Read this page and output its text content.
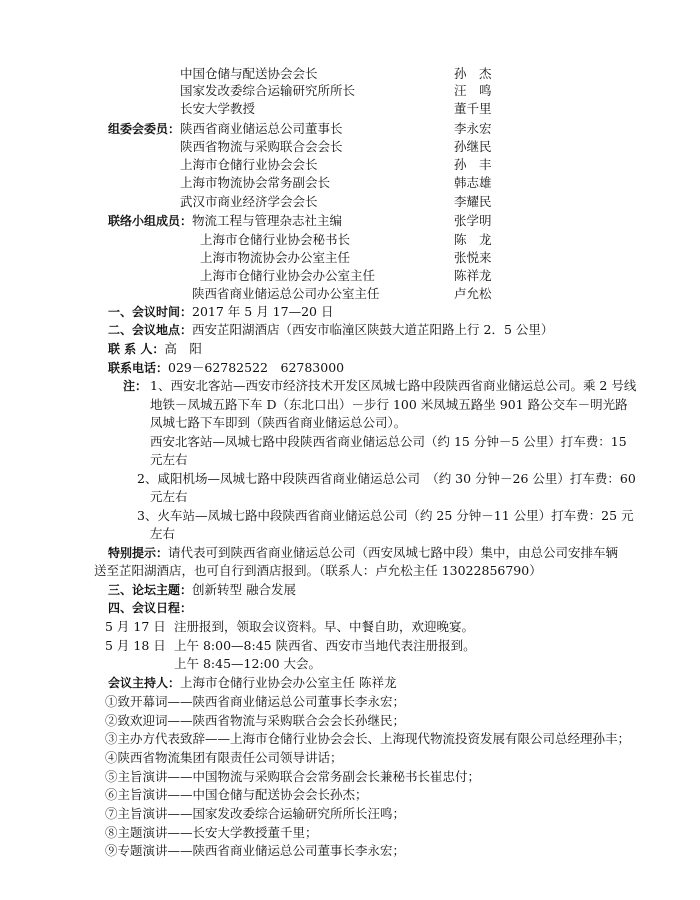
中国仓储与配送协会会长	孙　杰
国家发改委综合运输研究所所长	汪　鸣
长安大学教授	董千里
组委会委员： 陕西省商业储运总公司董事长	李永宏
陕西省物流与采购联合会会长	孙继民
上海市仓储行业协会会长	孙　丰
上海市物流协会常务副会长	韩志雄
武汉市商业经济学会会长	李耀民
联络小组成员： 物流工程与管理杂志社主编	张学明
上海市仓储行业协会秘书长	陈　龙
上海市物流协会办公室主任	张悦来
上海市仓储行业协会办公室主任	陈祥龙
陕西省商业储运总公司办公室主任	卢允松
一、会议时间：2017 年 5 月 17—20 日
二、会议地点：西安芷阳湖酒店（西安市临潼区陕鼓大道芷阳路上行 2．5 公里）
联 系 人：高　阳
联系电话：029－62782522　62783000
注： 1、西安北客站—西安市经济技术开发区凤城七路中段陕西省商业储运总公司。乘 2 号线
地铁－凤城五路下车 D（东北口出）－步行 100 米凤城五路坐 901 路公交车－明光路
凤城七路下车即到（陕西省商业储运总公司）。
西安北客站—凤城七路中段陕西省商业储运总公司（约 15 分钟－5 公里）打车费：15
元左右
2、咸阳机场—凤城七路中段陕西省商业储运总公司　（约 30 分钟－26 公里）打车费：60
元左右
3、火车站—凤城七路中段陕西省商业储运总公司（约 25 分钟－11 公里）打车费：25 元
左右
特别提示：请代表可到陕西省商业储运总公司（西安凤城七路中段）集中，由总公司安排车辆
送至芷阳湖酒店，也可自行到酒店报到。（联系人：卢允松主任 13022856790）
三、论坛主题：创新转型 融合发展
四、会议日程：
5 月 17 日 注册报到，领取会议资料。早、中餐自助，欢迎晚宴。
5 月 18 日 上午 8:00—8:45 陕西省、西安市当地代表注册报到。
上午 8:45—12:00 大会。
会议主持人：上海市仓储行业协会办公室主任 陈祥龙
①致开幕词——陕西省商业储运总公司董事长李永宏；
②致欢迎词——陕西省物流与采购联合会会长孙继民；
③主办方代表致辞——上海市仓储行业协会会长、上海现代物流投资发展有限公司总经理孙丰；
④陕西省物流集团有限责任公司领导讲话；
⑤主旨演讲——中国物流与采购联合会常务副会长兼秘书长崔忠付；
⑥主旨演讲——中国仓储与配送协会会长孙杰；
⑦主旨演讲——国家发改委综合运输研究所所长汪鸣；
⑧主题演讲——长安大学教授董千里；
⑨专题演讲——陕西省商业储运总公司董事长李永宏；
